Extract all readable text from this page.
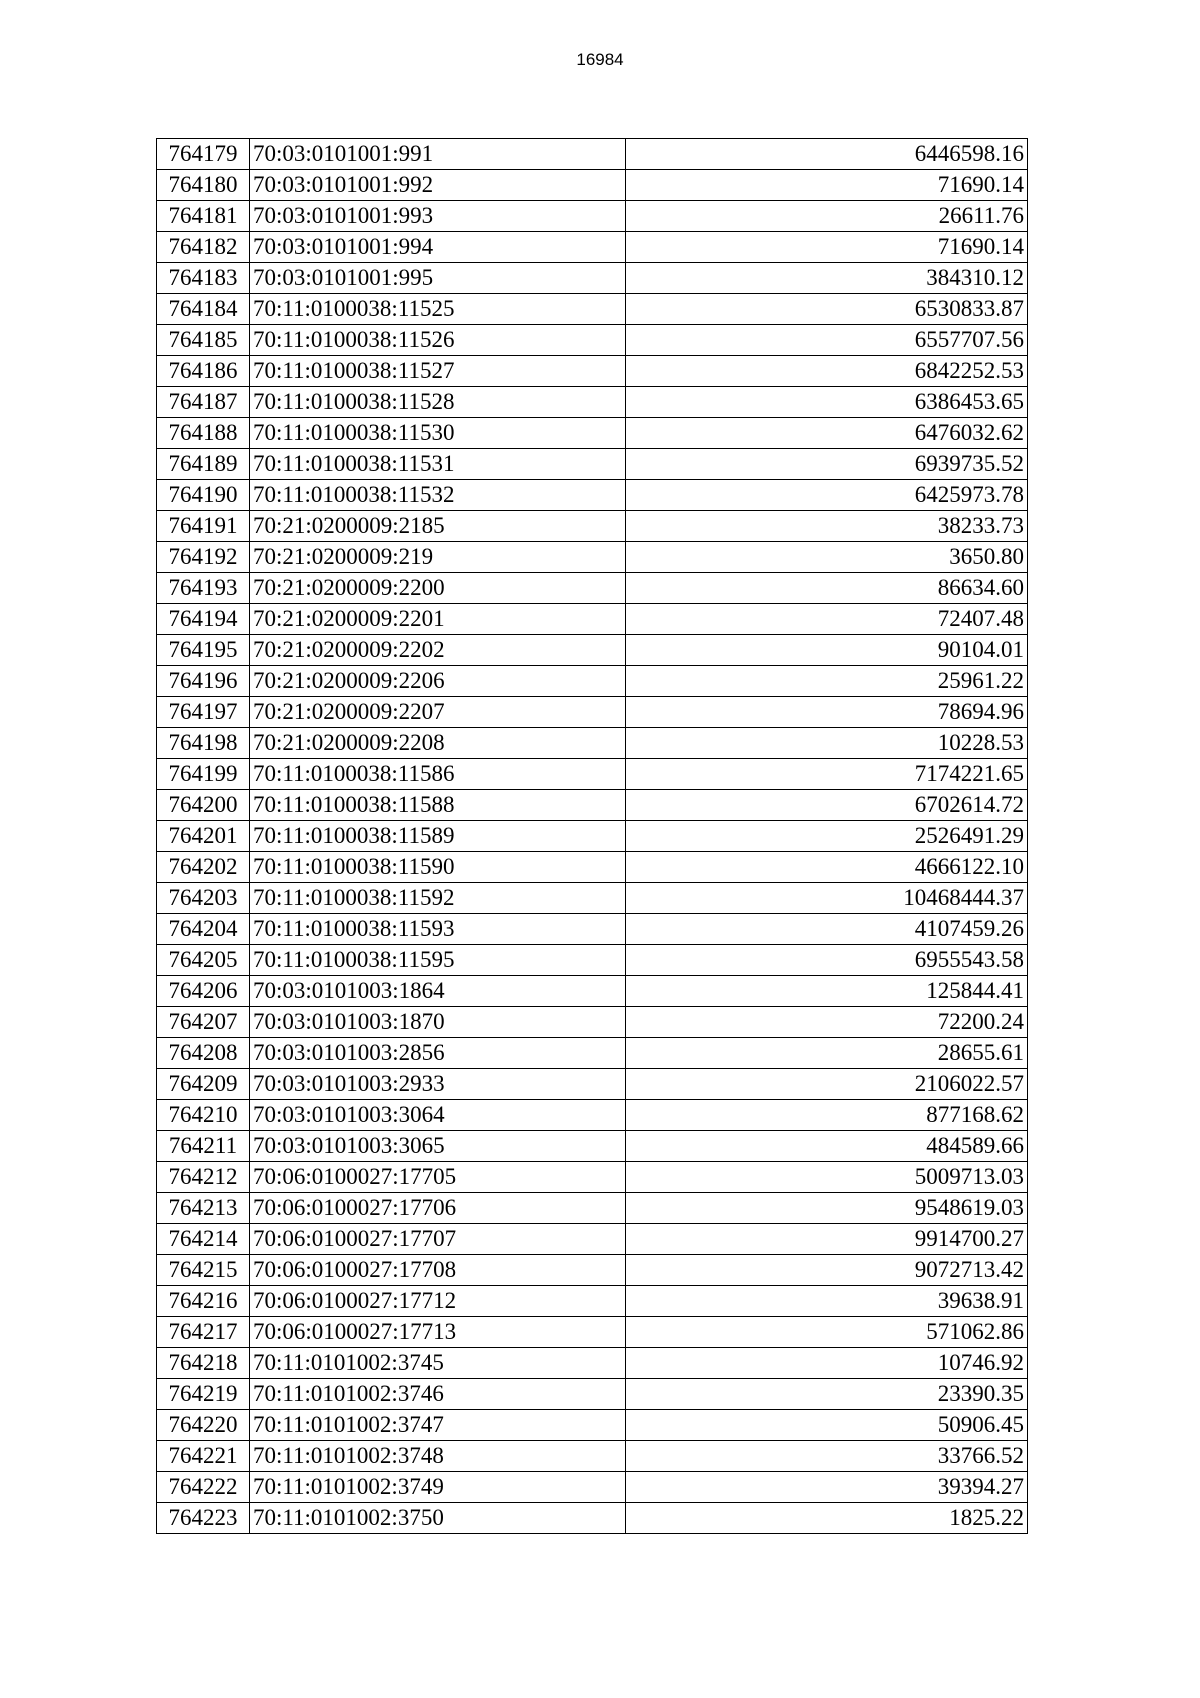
16984
764179	70:03:0101001:991	6446598.16
764180	70:03:0101001:992	71690.14
764181	70:03:0101001:993	26611.76
764182	70:03:0101001:994	71690.14
764183	70:03:0101001:995	384310.12
764184	70:11:0100038:11525	6530833.87
764185	70:11:0100038:11526	6557707.56
764186	70:11:0100038:11527	6842252.53
764187	70:11:0100038:11528	6386453.65
764188	70:11:0100038:11530	6476032.62
764189	70:11:0100038:11531	6939735.52
764190	70:11:0100038:11532	6425973.78
764191	70:21:0200009:2185	38233.73
764192	70:21:0200009:219	3650.80
764193	70:21:0200009:2200	86634.60
764194	70:21:0200009:2201	72407.48
764195	70:21:0200009:2202	90104.01
764196	70:21:0200009:2206	25961.22
764197	70:21:0200009:2207	78694.96
764198	70:21:0200009:2208	10228.53
764199	70:11:0100038:11586	7174221.65
764200	70:11:0100038:11588	6702614.72
764201	70:11:0100038:11589	2526491.29
764202	70:11:0100038:11590	4666122.10
764203	70:11:0100038:11592	10468444.37
764204	70:11:0100038:11593	4107459.26
764205	70:11:0100038:11595	6955543.58
764206	70:03:0101003:1864	125844.41
764207	70:03:0101003:1870	72200.24
764208	70:03:0101003:2856	28655.61
764209	70:03:0101003:2933	2106022.57
764210	70:03:0101003:3064	877168.62
764211	70:03:0101003:3065	484589.66
764212	70:06:0100027:17705	5009713.03
764213	70:06:0100027:17706	9548619.03
764214	70:06:0100027:17707	9914700.27
764215	70:06:0100027:17708	9072713.42
764216	70:06:0100027:17712	39638.91
764217	70:06:0100027:17713	571062.86
764218	70:11:0101002:3745	10746.92
764219	70:11:0101002:3746	23390.35
764220	70:11:0101002:3747	50906.45
764221	70:11:0101002:3748	33766.52
764222	70:11:0101002:3749	39394.27
764223	70:11:0101002:3750	1825.22
